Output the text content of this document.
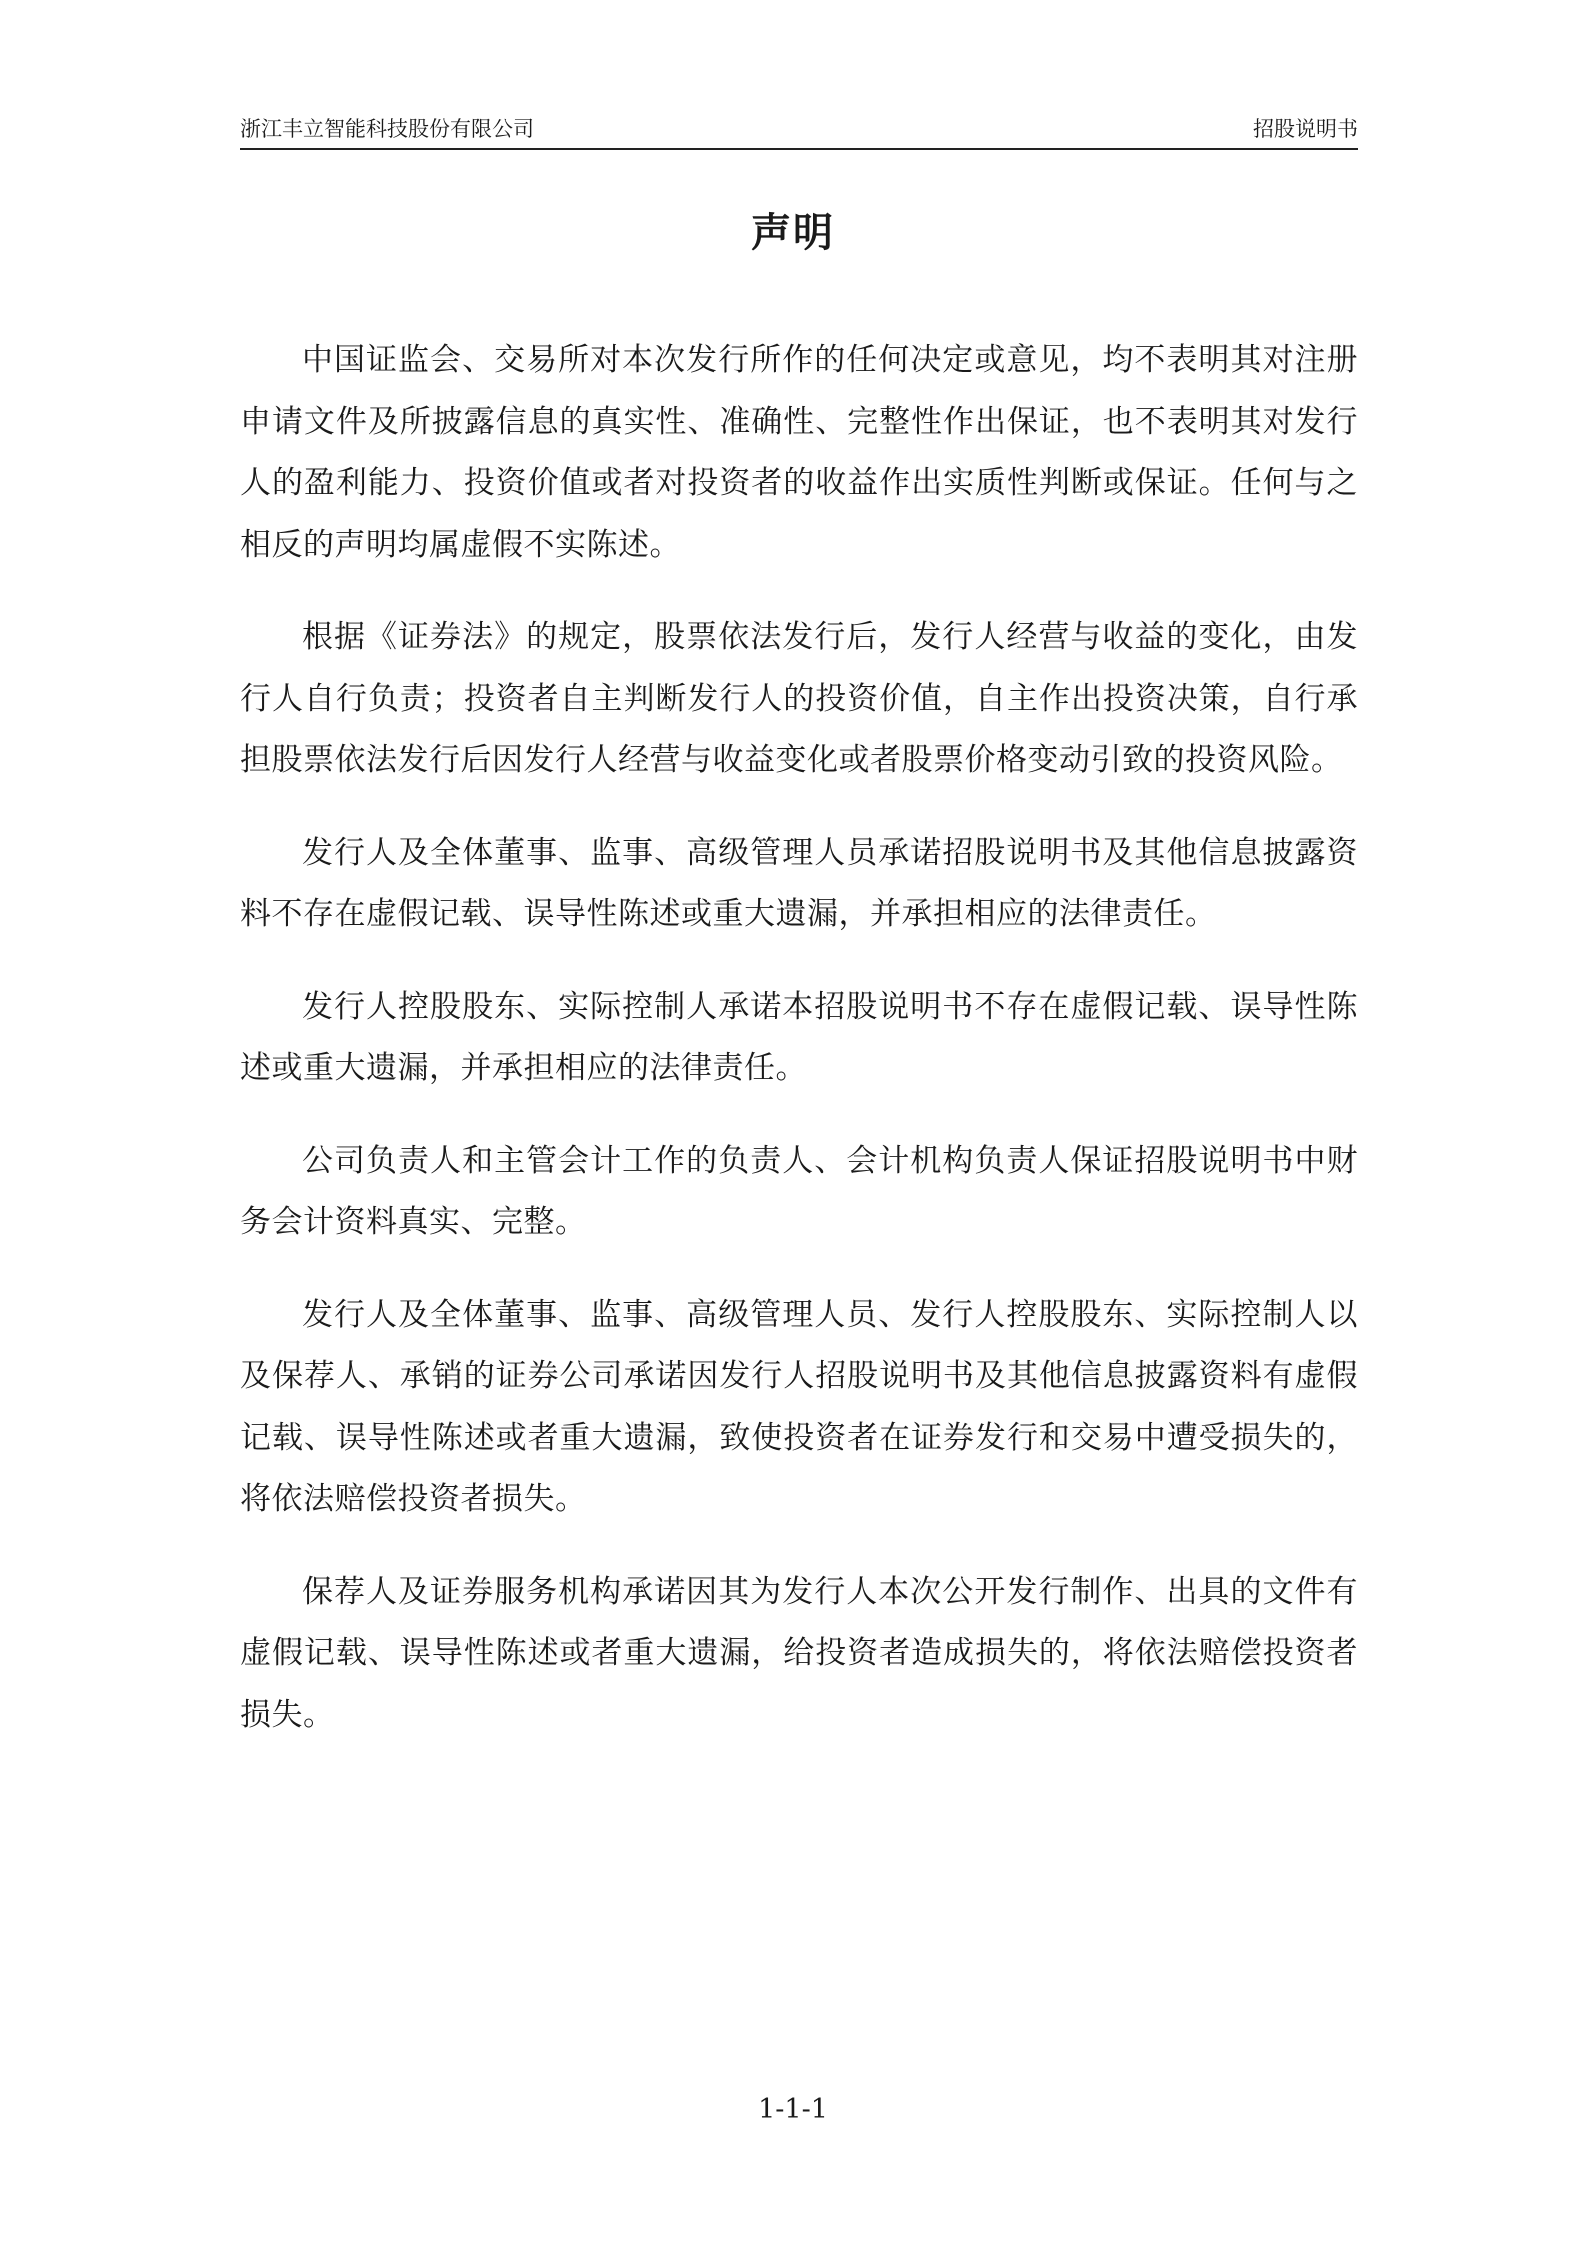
浙江丰立智能科技股份有限公司	招股说明书
声明

中国证监会、交易所对本次发行所作的任何决定或意见，均不表明其对注册申请文件及所披露信息的真实性、准确性、完整性作出保证，也不表明其对发行人的盈利能力、投资价值或者对投资者的收益作出实质性判断或保证。任何与之相反的声明均属虚假不实陈述。

根据《证券法》的规定，股票依法发行后，发行人经营与收益的变化，由发行人自行负责；投资者自主判断发行人的投资价值，自主作出投资决策，自行承担股票依法发行后因发行人经营与收益变化或者股票价格变动引致的投资风险。

发行人及全体董事、监事、高级管理人员承诺招股说明书及其他信息披露资料不存在虚假记载、误导性陈述或重大遗漏，并承担相应的法律责任。

发行人控股股东、实际控制人承诺本招股说明书不存在虚假记载、误导性陈述或重大遗漏，并承担相应的法律责任。

公司负责人和主管会计工作的负责人、会计机构负责人保证招股说明书中财务会计资料真实、完整。

发行人及全体董事、监事、高级管理人员、发行人控股股东、实际控制人以及保荐人、承销的证券公司承诺因发行人招股说明书及其他信息披露资料有虚假记载、误导性陈述或者重大遗漏，致使投资者在证券发行和交易中遭受损失的，将依法赔偿投资者损失。

保荐人及证券服务机构承诺因其为发行人本次公开发行制作、出具的文件有虚假记载、误导性陈述或者重大遗漏，给投资者造成损失的，将依法赔偿投资者损失。

1-1-1
